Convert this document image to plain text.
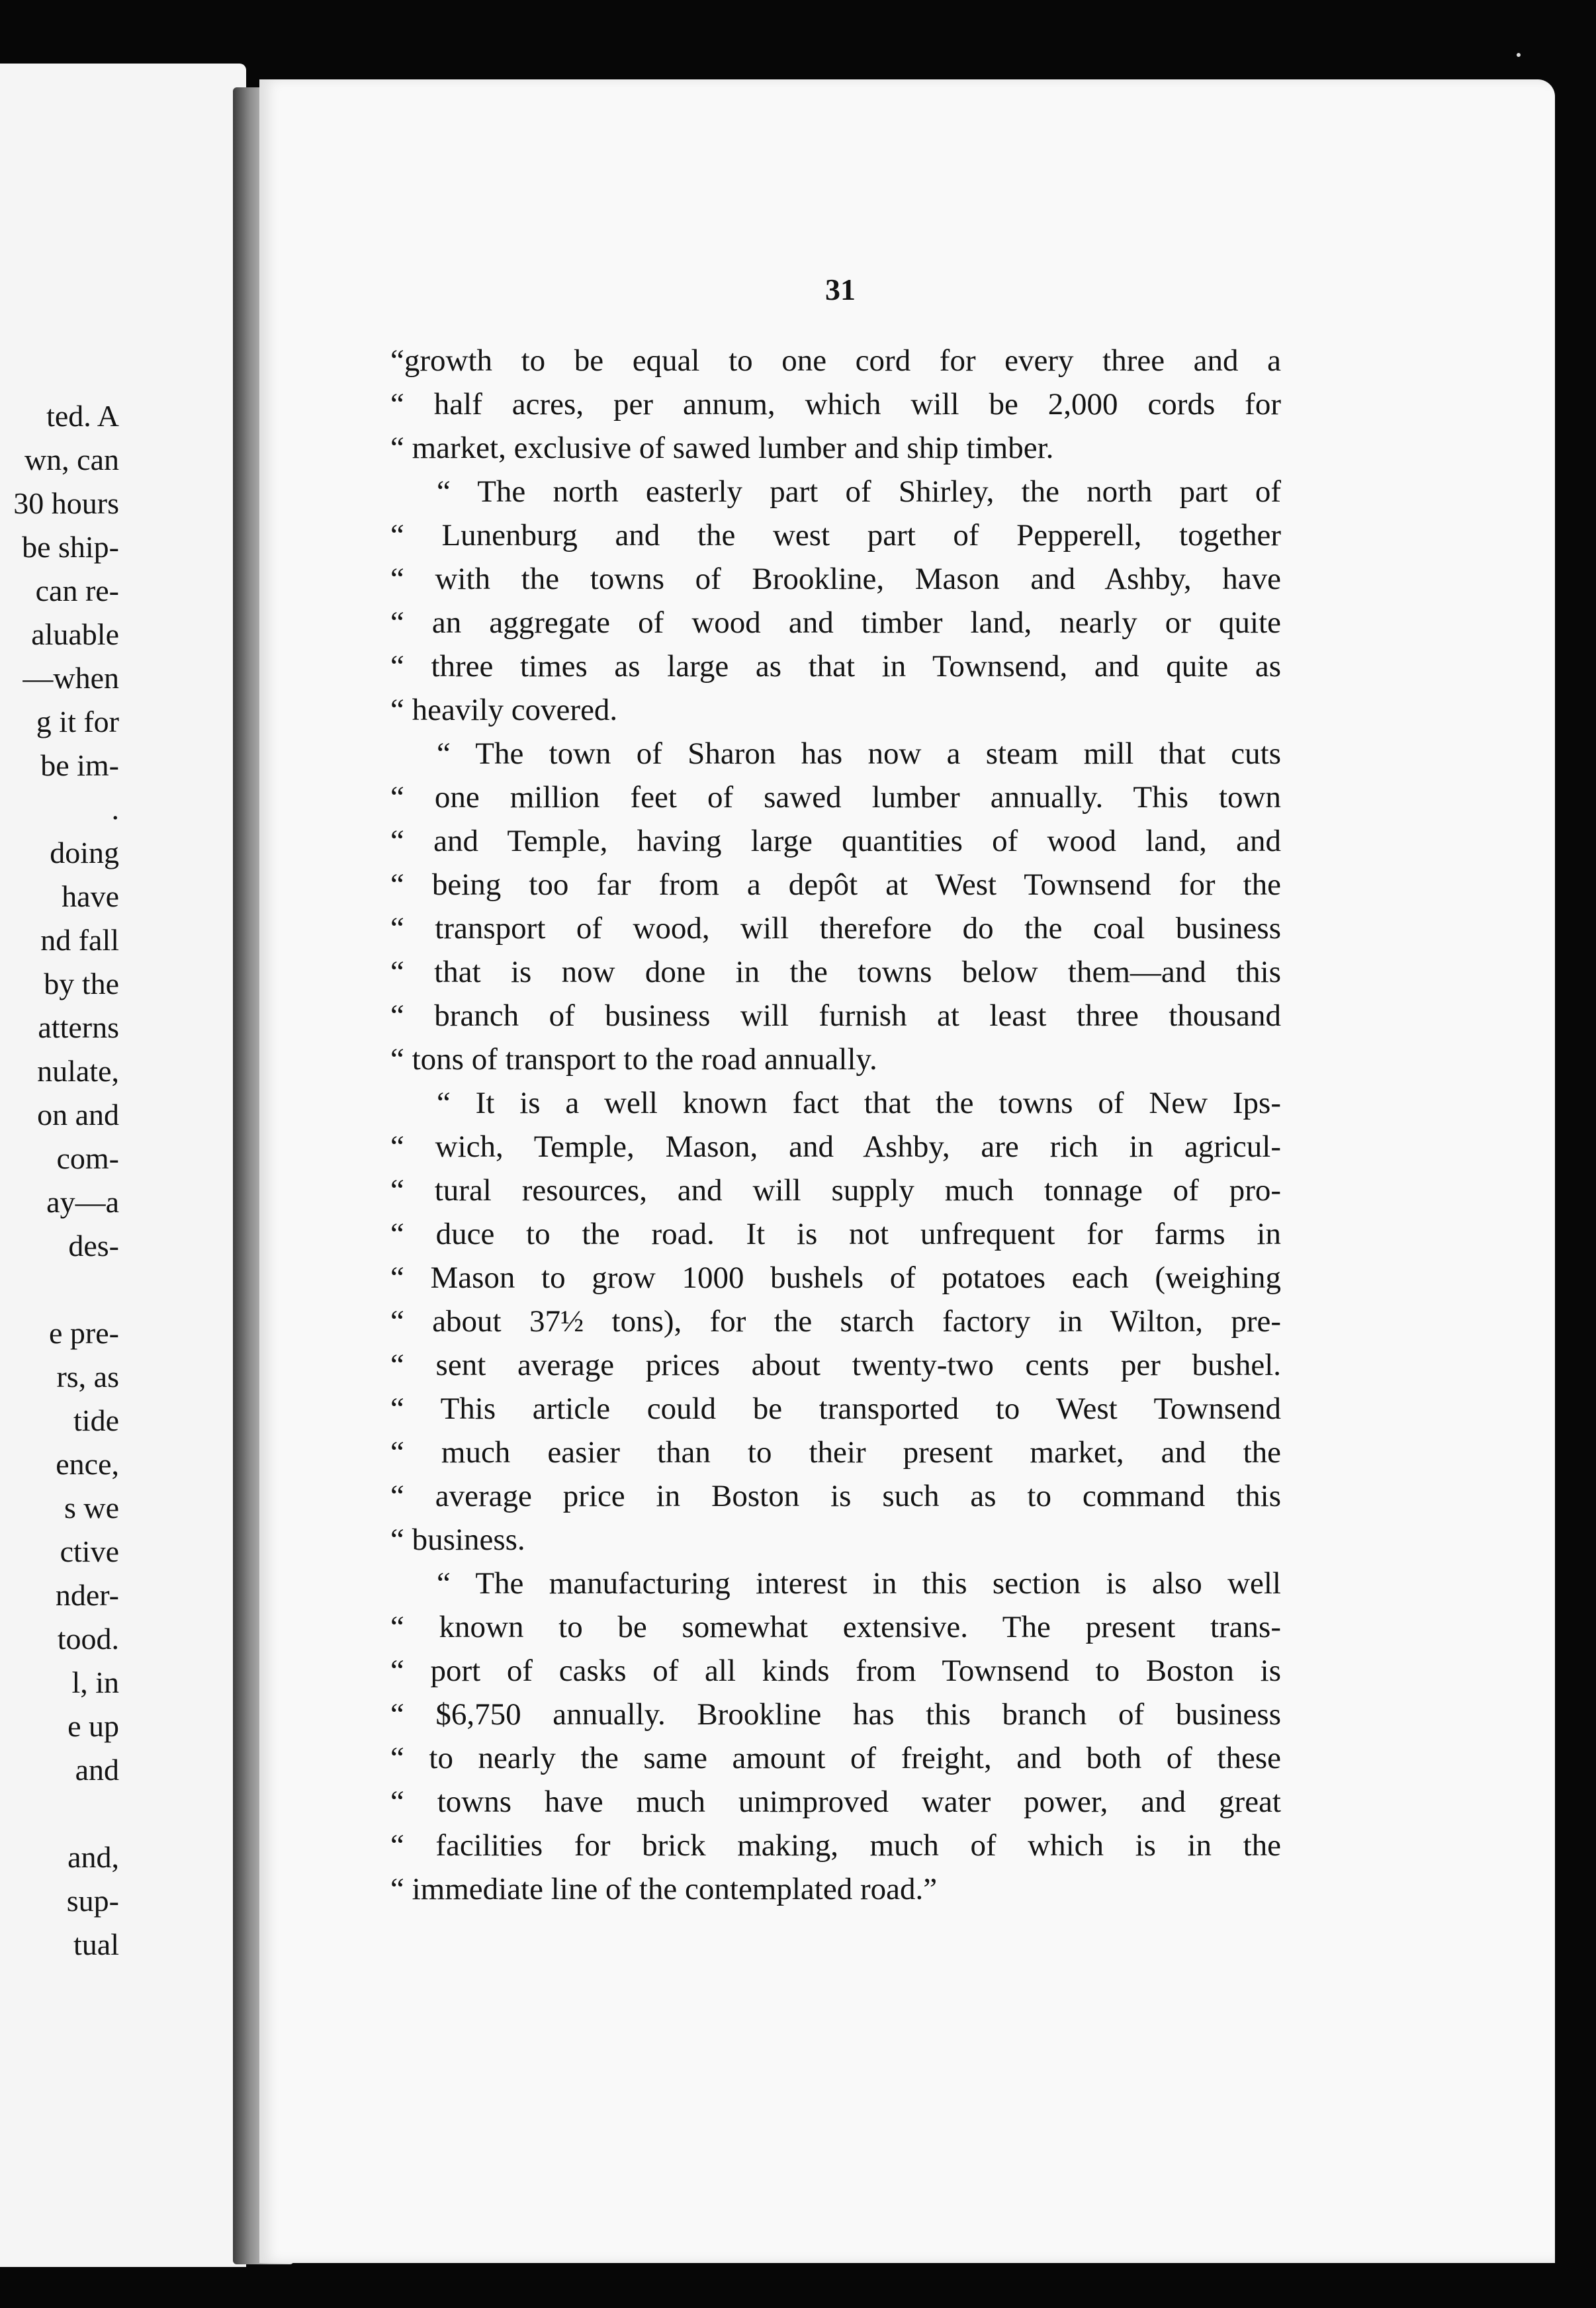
ted. A
wn, can
30 hours
be ship-
can re-
aluable
—when
g it for
be im-
.
doing
have
nd fall
by the
atterns
nulate,
on and
com-
ay—a
des-
e pre-
rs, as
tide
ence,
s we
ctive
nder-
tood.
l, in
e up
and
and,
sup-
tual
31
“growth to be equal to one cord for every three and a
“ half acres, per annum, which will be 2,000 cords for
“ market, exclusive of sawed lumber and ship timber.
“ The north easterly part of Shirley, the north part of
“ Lunenburg and the west part of Pepperell, together
“ with the towns of Brookline, Mason and Ashby, have
“ an aggregate of wood and timber land, nearly or quite
“ three times as large as that in Townsend, and quite as
“ heavily covered.
“ The town of Sharon has now a steam mill that cuts
“ one million feet of sawed lumber annually. This town
“ and Temple, having large quantities of wood land, and
“ being too far from a depôt at West Townsend for the
“ transport of wood, will therefore do the coal business
“ that is now done in the towns below them—and this
“ branch of business will furnish at least three thousand
“ tons of transport to the road annually.
“ It is a well known fact that the towns of New Ips-
“ wich, Temple, Mason, and Ashby, are rich in agricul-
“ tural resources, and will supply much tonnage of pro-
“ duce to the road. It is not unfrequent for farms in
“ Mason to grow 1000 bushels of potatoes each (weighing
“ about 37½ tons), for the starch factory in Wilton, pre-
“ sent average prices about twenty-two cents per bushel.
“ This article could be transported to West Townsend
“ much easier than to their present market, and the
“ average price in Boston is such as to command this
“ business.
“ The manufacturing interest in this section is also well
“ known to be somewhat extensive. The present trans-
“ port of casks of all kinds from Townsend to Boston is
“ $6,750 annually. Brookline has this branch of business
“ to nearly the same amount of freight, and both of these
“ towns have much unimproved water power, and great
“ facilities for brick making, much of which is in the
“ immediate line of the contemplated road.”
